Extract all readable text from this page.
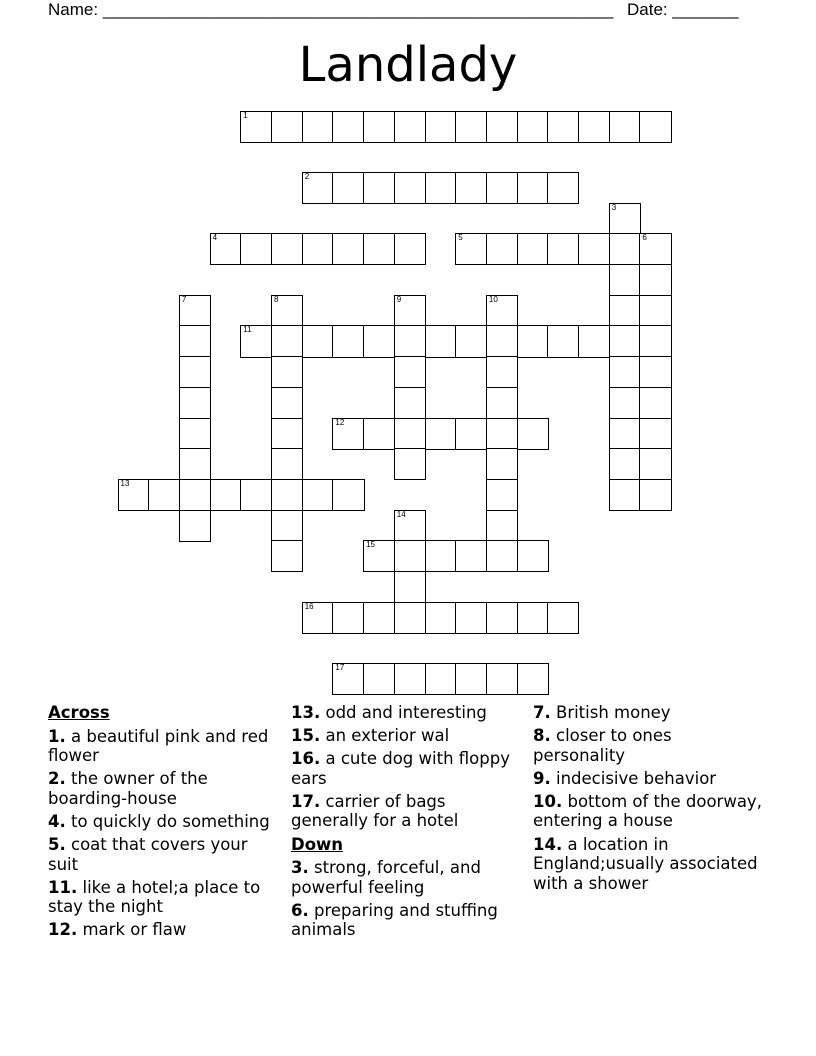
Name: ______________________________________________________ Date: _______
Landlady
1
2
3
4	5	6
7	8	9	10
11
12
13
14
15
16
17
Across
1. a beautiful pink and red flower
2. the owner of the boarding-house
4. to quickly do something
5. coat that covers your suit
11. like a hotel;a place to stay the night
12. mark or flaw
13. odd and interesting
15. an exterior wal
16. a cute dog with floppy ears
17. carrier of bags generally for a hotel
Down
3. strong, forceful, and powerful feeling
6. preparing and stuffing animals
7. British money
8. closer to ones personality
9. indecisive behavior
10. bottom of the doorway, entering a house
14. a location in England;usually associated with a shower
